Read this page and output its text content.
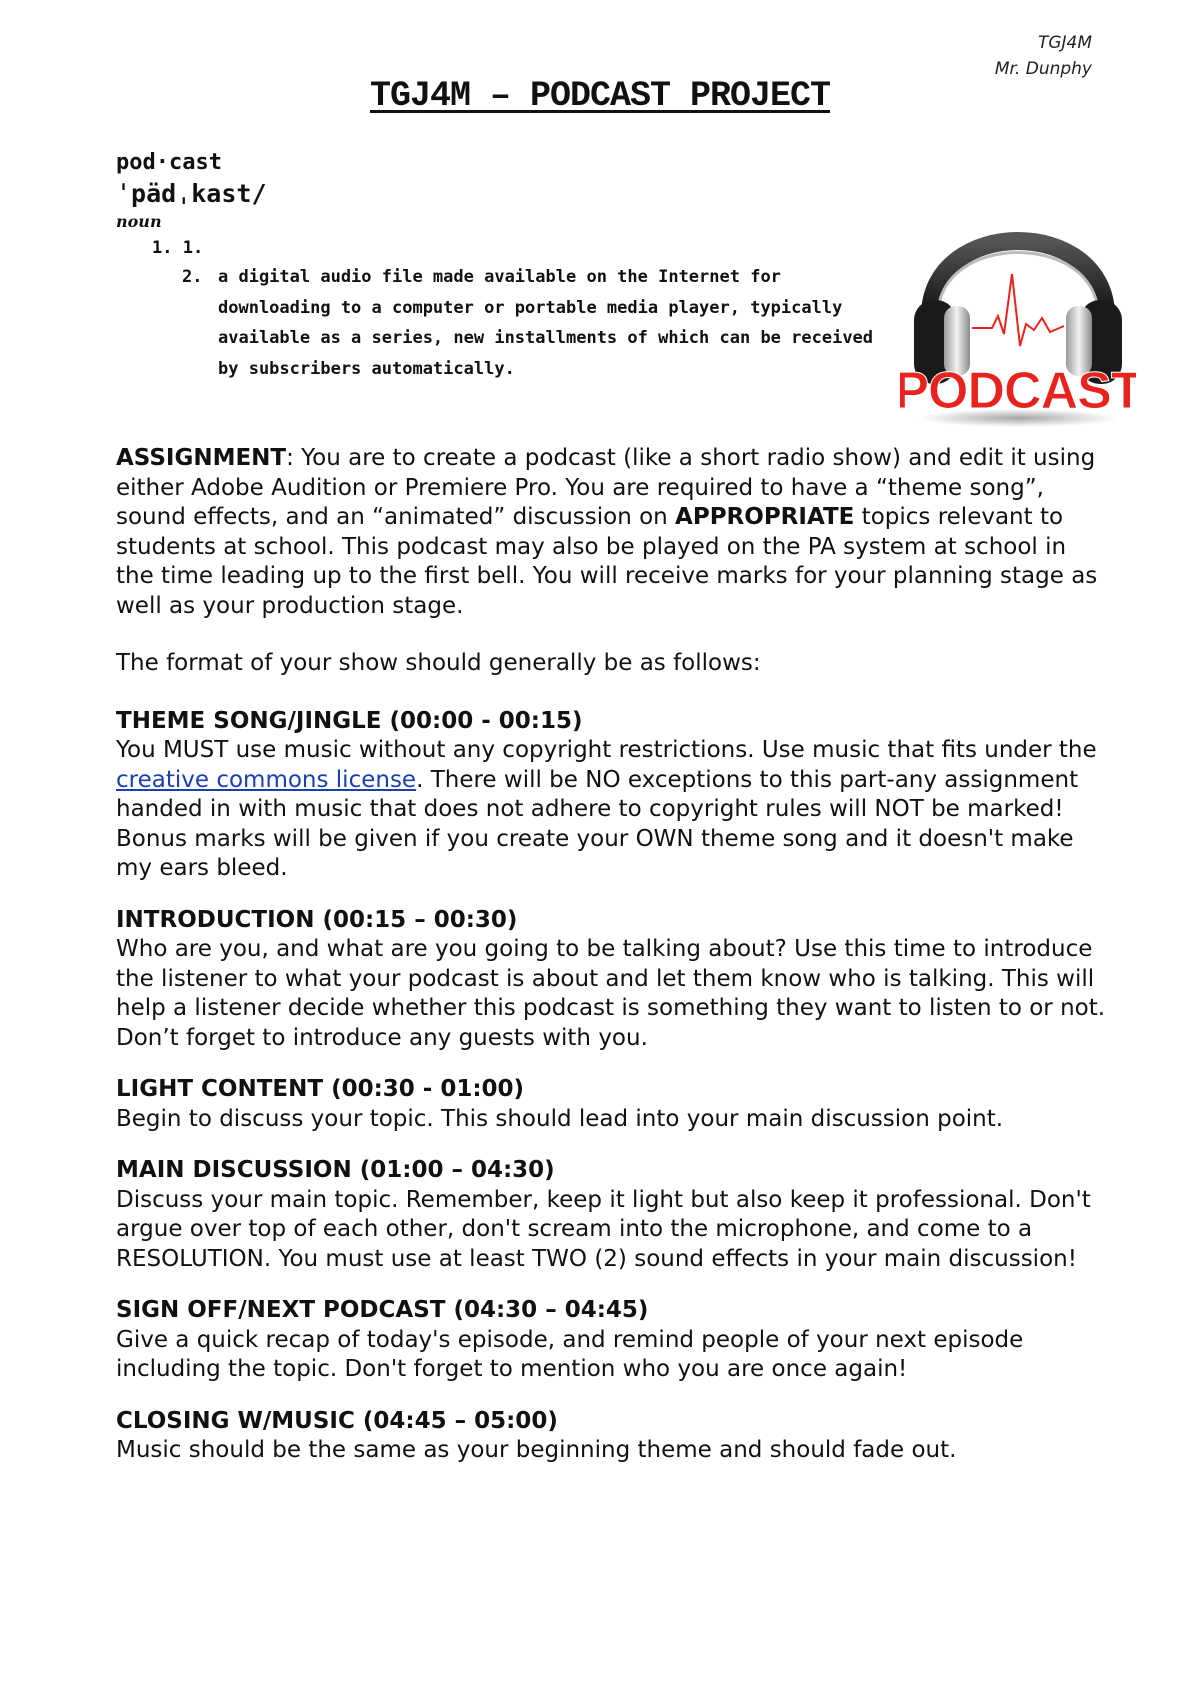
TGJ4M
Mr. Dunphy
TGJ4M – PODCAST PROJECT
pod·cast
ˈpädˌkast/
noun
1. 1.
2. a digital audio file made available on the Internet for downloading to a computer or portable media player, typically available as a series, new installments of which can be received by subscribers automatically.	PODCAST

ASSIGNMENT: You are to create a podcast (like a short radio show) and edit it using either Adobe Audition or Premiere Pro. You are required to have a “theme song”, sound effects, and an “animated” discussion on APPROPRIATE topics relevant to students at school. This podcast may also be played on the PA system at school in the time leading up to the first bell. You will receive marks for your planning stage as well as your production stage.

The format of your show should generally be as follows:

THEME SONG/JINGLE (00:00 - 00:15)

You MUST use music without any copyright restrictions. Use music that fits under the creative commons license. There will be NO exceptions to this part-any assignment handed in with music that does not adhere to copyright rules will NOT be marked! Bonus marks will be given if you create your OWN theme song and it doesn't make my ears bleed.

INTRODUCTION (00:15 – 00:30)

Who are you, and what are you going to be talking about? Use this time to introduce the listener to what your podcast is about and let them know who is talking. This will help a listener decide whether this podcast is something they want to listen to or not. Don’t forget to introduce any guests with you.

LIGHT CONTENT (00:30 - 01:00)

Begin to discuss your topic. This should lead into your main discussion point.

MAIN DISCUSSION (01:00 – 04:30)

Discuss your main topic. Remember, keep it light but also keep it professional. Don't argue over top of each other, don't scream into the microphone, and come to a RESOLUTION. You must use at least TWO (2) sound effects in your main discussion!

SIGN OFF/NEXT PODCAST (04:30 – 04:45)

Give a quick recap of today's episode, and remind people of your next episode including the topic. Don't forget to mention who you are once again!

CLOSING W/MUSIC (04:45 – 05:00)

Music should be the same as your beginning theme and should fade out.
